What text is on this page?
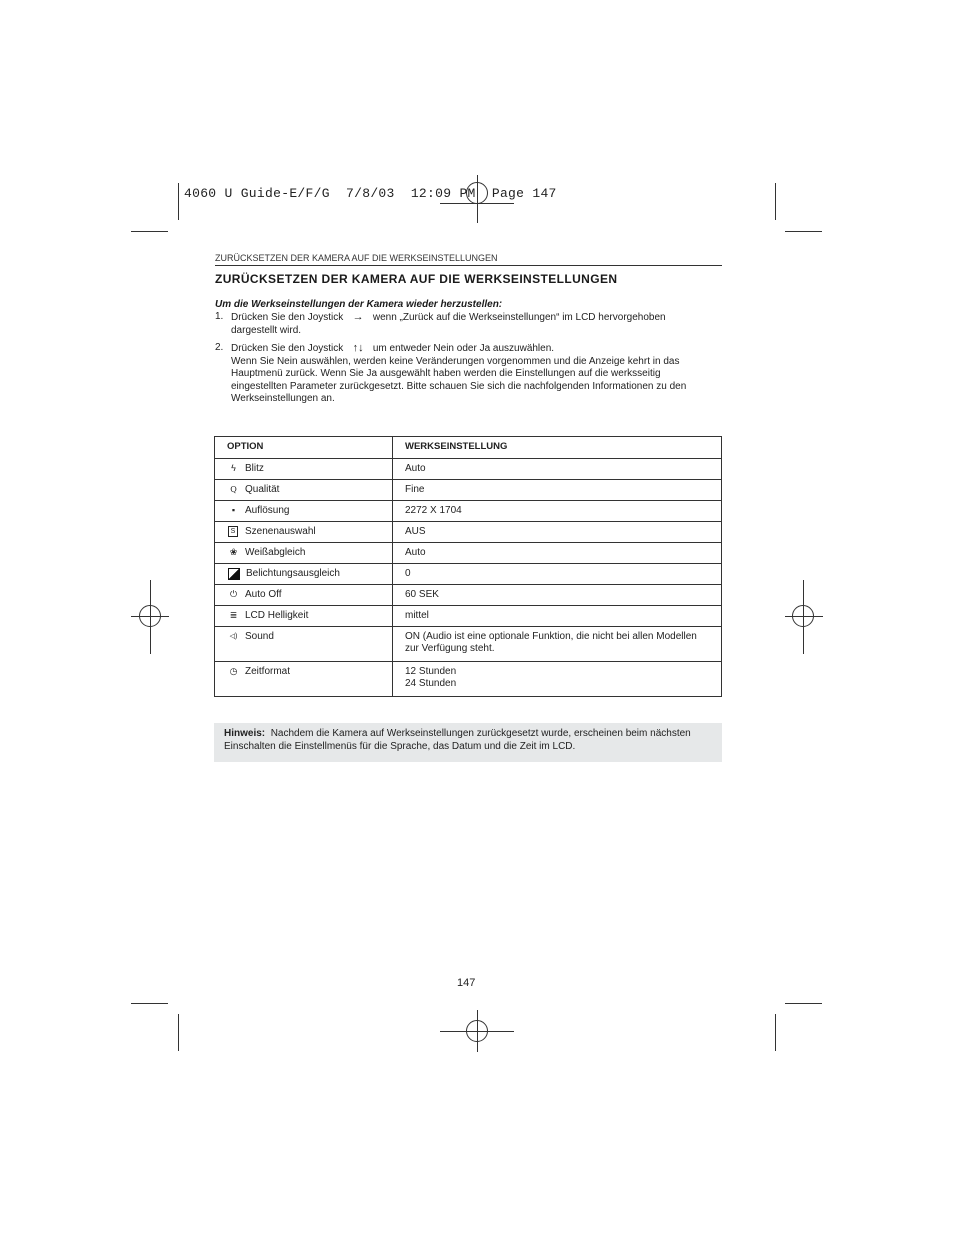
4060 U Guide-E/F/G  7/8/03  12:09 PM  Page 147
ZURÜCKSETZEN DER KAMERA AUF DIE WERKSEINSTELLUNGEN
ZURÜCKSETZEN DER KAMERA AUF DIE WERKSEINSTELLUNGEN
Um die Werkseinstellungen der Kamera wieder herzustellen:
1. Drücken Sie den Joystick → wenn „Zurück auf die Werkseinstellungen“ im LCD hervorgehoben
dargestellt wird.
2. Drücken Sie den Joystick ↑↓ um entweder Nein oder Ja auszuwählen.
Wenn Sie Nein auswählen, werden keine Veränderungen vorgenommen und die Anzeige kehrt in das Hauptmenü zurück. Wenn Sie Ja ausgewählt haben werden die Einstellungen auf die werksseitig eingestellten Parameter zurückgesetzt. Bitte schauen Sie sich die nachfolgenden Informationen zu den Werkseinstellungen an.
OPTION	WERKSEINSTELLUNG
ϟ Blitz	Auto
Q Qualität	Fine
▪ Auflösung	2272 X 1704
S Szenenauswahl	AUS
❀ Weißabgleich	Auto
Belichtungsausgleich	0
⏻ Auto Off	60 SEK
≣ LCD Helligkeit	mittel
◁) Sound	ON (Audio ist eine optionale Funktion, die nicht bei allen Modellen
zur Verfügung steht.
◷ Zeitformat	12 Stunden
24 Stunden
Hinweis: Nachdem die Kamera auf Werkseinstellungen zurückgesetzt wurde, erscheinen beim nächsten Einschalten die Einstellmenüs für die Sprache, das Datum und die Zeit im LCD.
147
